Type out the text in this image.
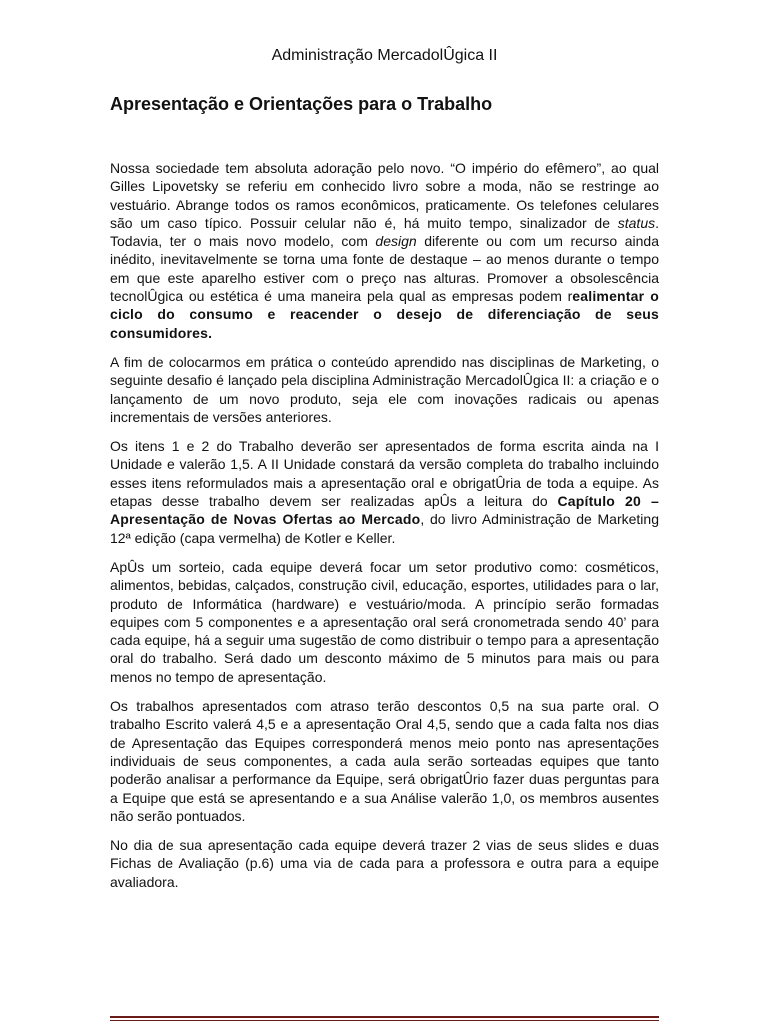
Administração MercadolÛgica II
Apresentação e Orientações para o Trabalho

Nossa sociedade tem absoluta adoração pelo novo. “O império do efêmero”, ao qual Gilles Lipovetsky se referiu em conhecido livro sobre a moda, não se restringe ao vestuário. Abrange todos os ramos econômicos, praticamente. Os telefones celulares são um caso típico. Possuir celular não é, há muito tempo, sinalizador de status. Todavia, ter o mais novo modelo, com design diferente ou com um recurso ainda inédito, inevitavelmente se torna uma fonte de destaque – ao menos durante o tempo em que este aparelho estiver com o preço nas alturas. Promover a obsolescência tecnolÛgica ou estética é uma maneira pela qual as empresas podem realimentar o ciclo do consumo e reacender o desejo de diferenciação de seus consumidores.

A fim de colocarmos em prática o conteúdo aprendido nas disciplinas de Marketing, o seguinte desafio é lançado pela disciplina Administração MercadolÛgica II: a criação e o lançamento de um novo produto, seja ele com inovações radicais ou apenas incrementais de versões anteriores.

Os itens 1 e 2 do Trabalho deverão ser apresentados de forma escrita ainda na I Unidade e valerão 1,5. A II Unidade constará da versão completa do trabalho incluindo esses itens reformulados mais a apresentação oral e obrigatÛria de toda a equipe. As etapas desse trabalho devem ser realizadas apÛs a leitura do Capítulo 20 – Apresentação de Novas Ofertas ao Mercado, do livro Administração de Marketing 12ª edição (capa vermelha) de Kotler e Keller.

ApÛs um sorteio, cada equipe deverá focar um setor produtivo como: cosméticos, alimentos, bebidas, calçados, construção civil, educação, esportes, utilidades para o lar, produto de Informática (hardware) e vestuário/moda. A princípio serão formadas equipes com 5 componentes e a apresentação oral será cronometrada sendo 40’ para cada equipe, há a seguir uma sugestão de como distribuir o tempo para a apresentação oral do trabalho. Será dado um desconto máximo de 5 minutos para mais ou para menos no tempo de apresentação.

Os trabalhos apresentados com atraso terão descontos 0,5 na sua parte oral. O trabalho Escrito valerá 4,5 e a apresentação Oral 4,5, sendo que a cada falta nos dias de Apresentação das Equipes corresponderá menos meio ponto nas apresentações individuais de seus componentes, a cada aula serão sorteadas equipes que tanto poderão analisar a performance da Equipe, será obrigatÛrio fazer duas perguntas para a Equipe que está se apresentando e a sua Análise valerão 1,0, os membros ausentes não serão pontuados.

No dia de sua apresentação cada equipe deverá trazer 2 vias de seus slides e duas Fichas de Avaliação (p.6) uma via de cada para a professora e outra para a equipe avaliadora.
